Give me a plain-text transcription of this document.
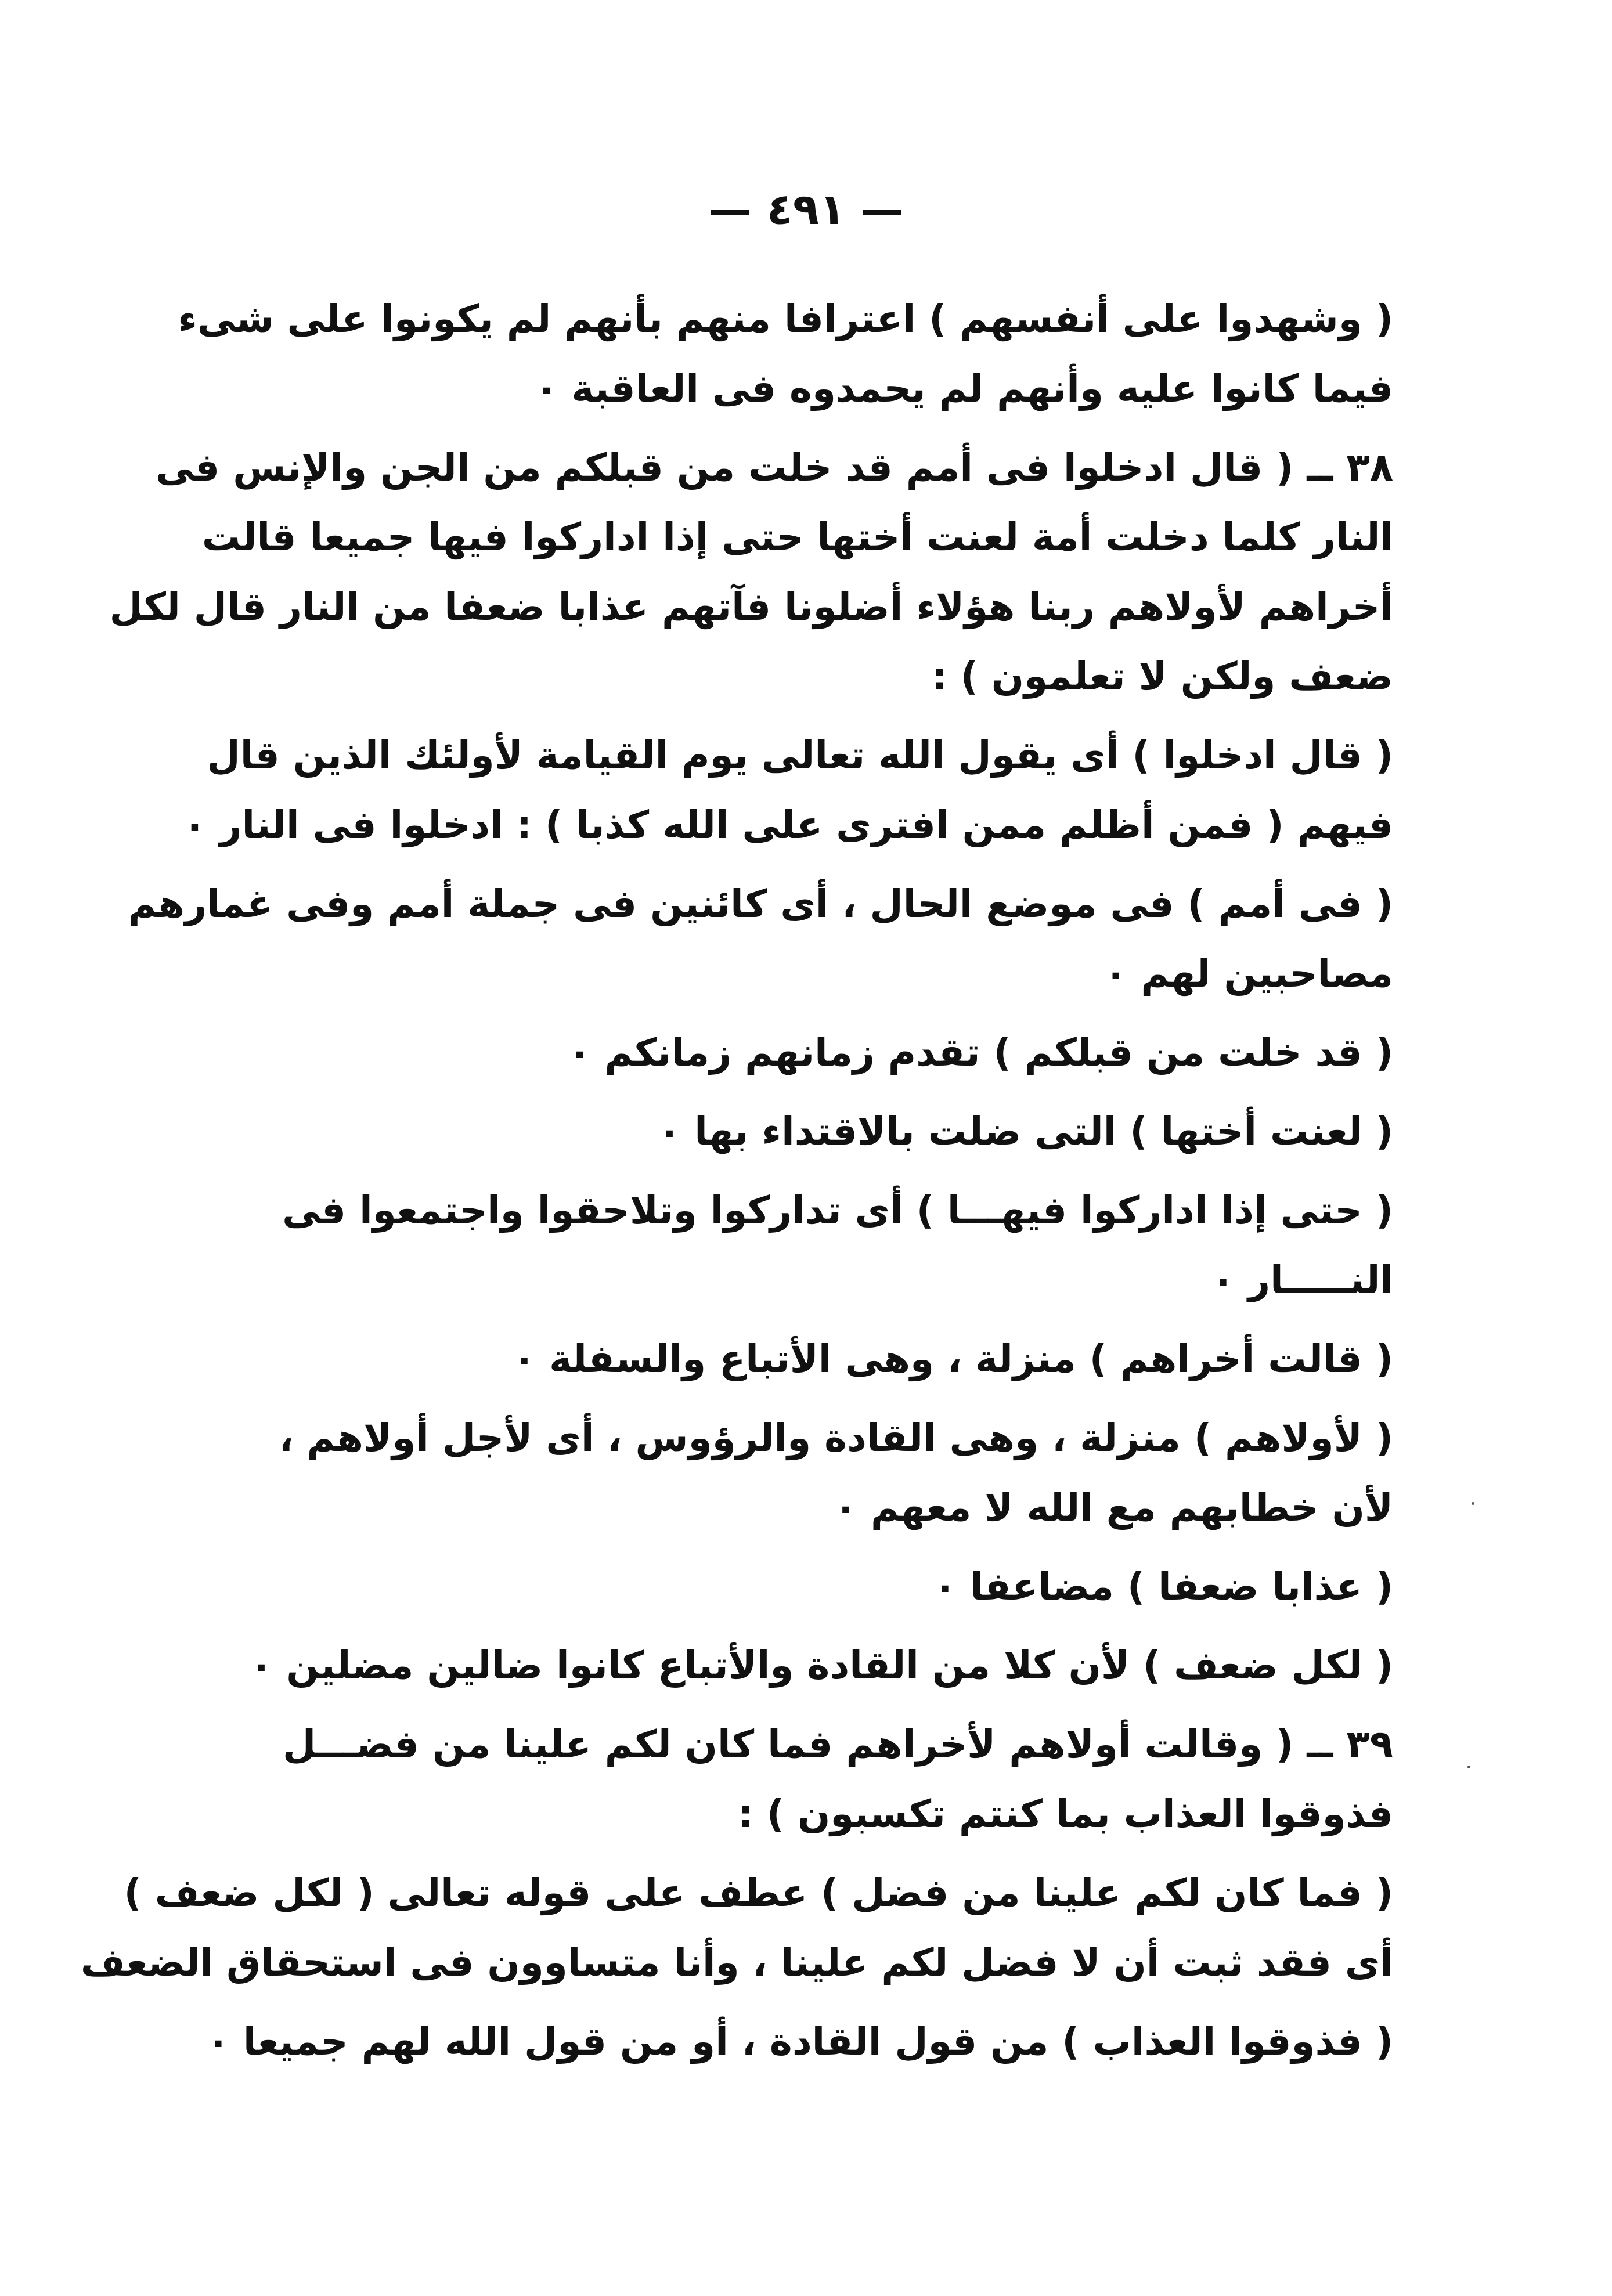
— ٤٩١ —

( وشهدوا على أنفسهم ) اعترافا منهم بأنهم لم يكونوا على شىء
فيما كانوا عليه وأنهم لم يحمدوه فى العاقبة ٠

٣٨ ــ ( قال ادخلوا فى أمم قد خلت من قبلكم من الجن والإنس فى
النار كلما دخلت أمة لعنت أختها حتى إذا اداركوا فيها جميعا قالت
أخراهم لأولاهم ربنا هؤلاء أضلونا فآتهم عذابا ضعفا من النار قال لكل
ضعف ولكن لا تعلمون ) :

( قال ادخلوا ) أى يقول الله تعالى يوم القيامة لأولئك الذين قال
فيهم ( فمن أظلم ممن افترى على الله كذبا ) : ادخلوا فى النار ٠

( فى أمم ) فى موضع الحال ، أى كائنين فى جملة أمم وفى غمارهم
مصاحبين لهم ٠

( قد خلت من قبلكم ) تقدم زمانهم زمانكم ٠

( لعنت أختها ) التى ضلت بالاقتداء بها ٠

( حتى إذا اداركوا فيهـــا ) أى تداركوا وتلاحقوا واجتمعوا فى
النـــــار ٠

( قالت أخراهم ) منزلة ، وهى الأتباع والسفلة ٠

( لأولاهم ) منزلة ، وهى القادة والرؤوس ، أى لأجل أولاهم ،
لأن خطابهم مع الله لا معهم ٠

( عذابا ضعفا ) مضاعفا ٠

( لكل ضعف ) لأن كلا من القادة والأتباع كانوا ضالين مضلين ٠

٣٩ ــ ( وقالت أولاهم لأخراهم فما كان لكم علينا من فضـــل
فذوقوا العذاب بما كنتم تكسبون ) :

( فما كان لكم علينا من فضل ) عطف على قوله تعالى ( لكل ضعف )
أى فقد ثبت أن لا فضل لكم علينا ، وأنا متساوون فى استحقاق الضعف

( فذوقوا العذاب ) من قول القادة ، أو من قول الله لهم جميعا ٠
